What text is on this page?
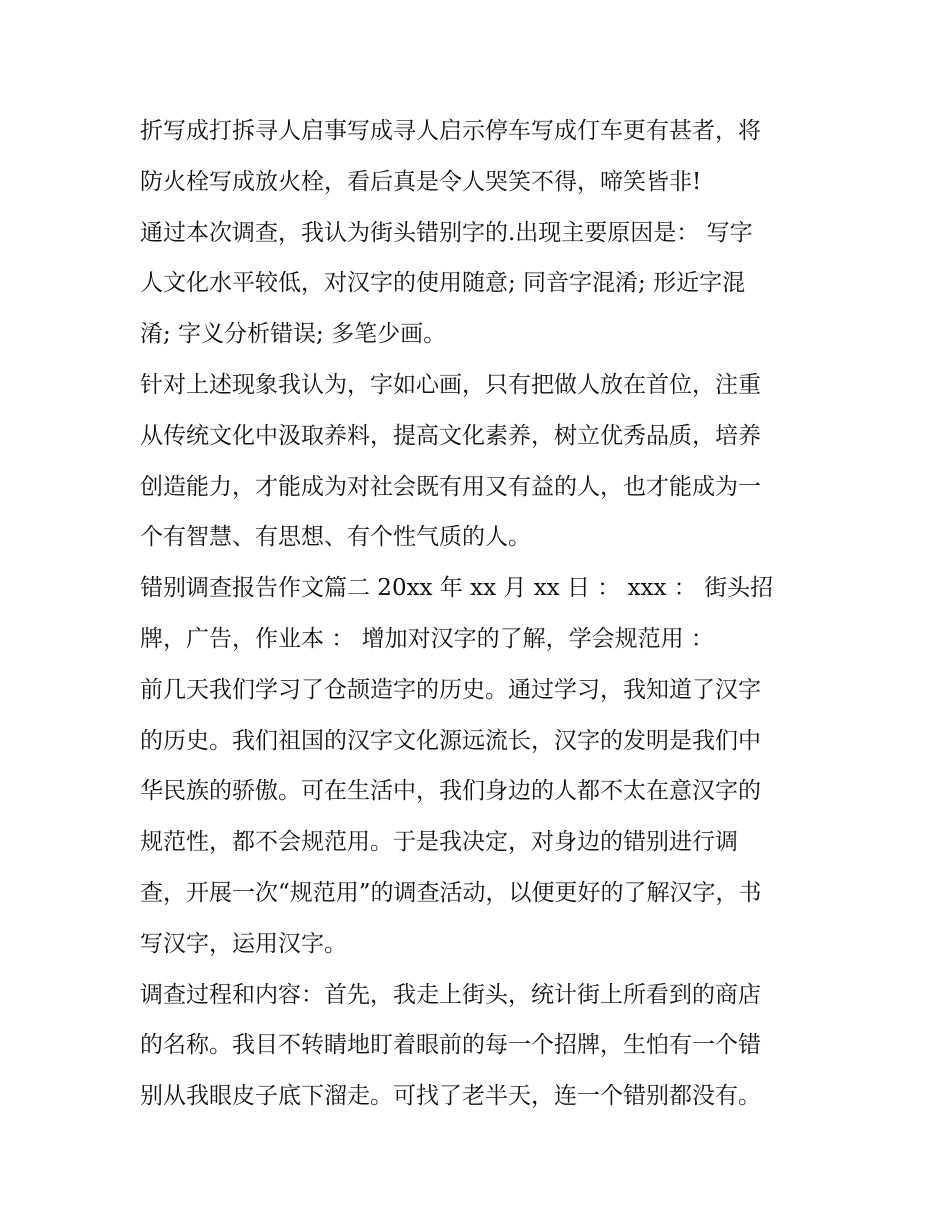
折写成打拆寻人启事写成寻人启示停车写成仃车更有甚者，将
防火栓写成放火栓，看后真是令人哭笑不得，啼笑皆非!
通过本次调查，我认为街头错别字的.出现主要原因是： 写字
人文化水平较低，对汉字的使用随意; 同音字混淆; 形近字混
淆; 字义分析错误; 多笔少画。
针对上述现象我认为，字如心画，只有把做人放在首位，注重
从传统文化中汲取养料，提高文化素养，树立优秀品质，培养
创造能力，才能成为对社会既有用又有益的人，也才能成为一
个有智慧、有思想、有个性气质的人。
错别调查报告作文篇二 20xx 年 xx 月 xx 日 ： xxx ： 街头招
牌，广告，作业本 ： 增加对汉字的了解，学会规范用 ：
前几天我们学习了仓颉造字的历史。通过学习，我知道了汉字
的历史。我们祖国的汉字文化源远流长，汉字的发明是我们中
华民族的骄傲。可在生活中，我们身边的人都不太在意汉字的
规范性，都不会规范用。于是我决定，对身边的错别进行调
查，开展一次“规范用”的调查活动，以便更好的了解汉字，书
写汉字，运用汉字。
调查过程和内容：首先，我走上街头，统计街上所看到的商店
的名称。我目不转睛地盯着眼前的每一个招牌，生怕有一个错
别从我眼皮子底下溜走。可找了老半天，连一个错别都没有。
